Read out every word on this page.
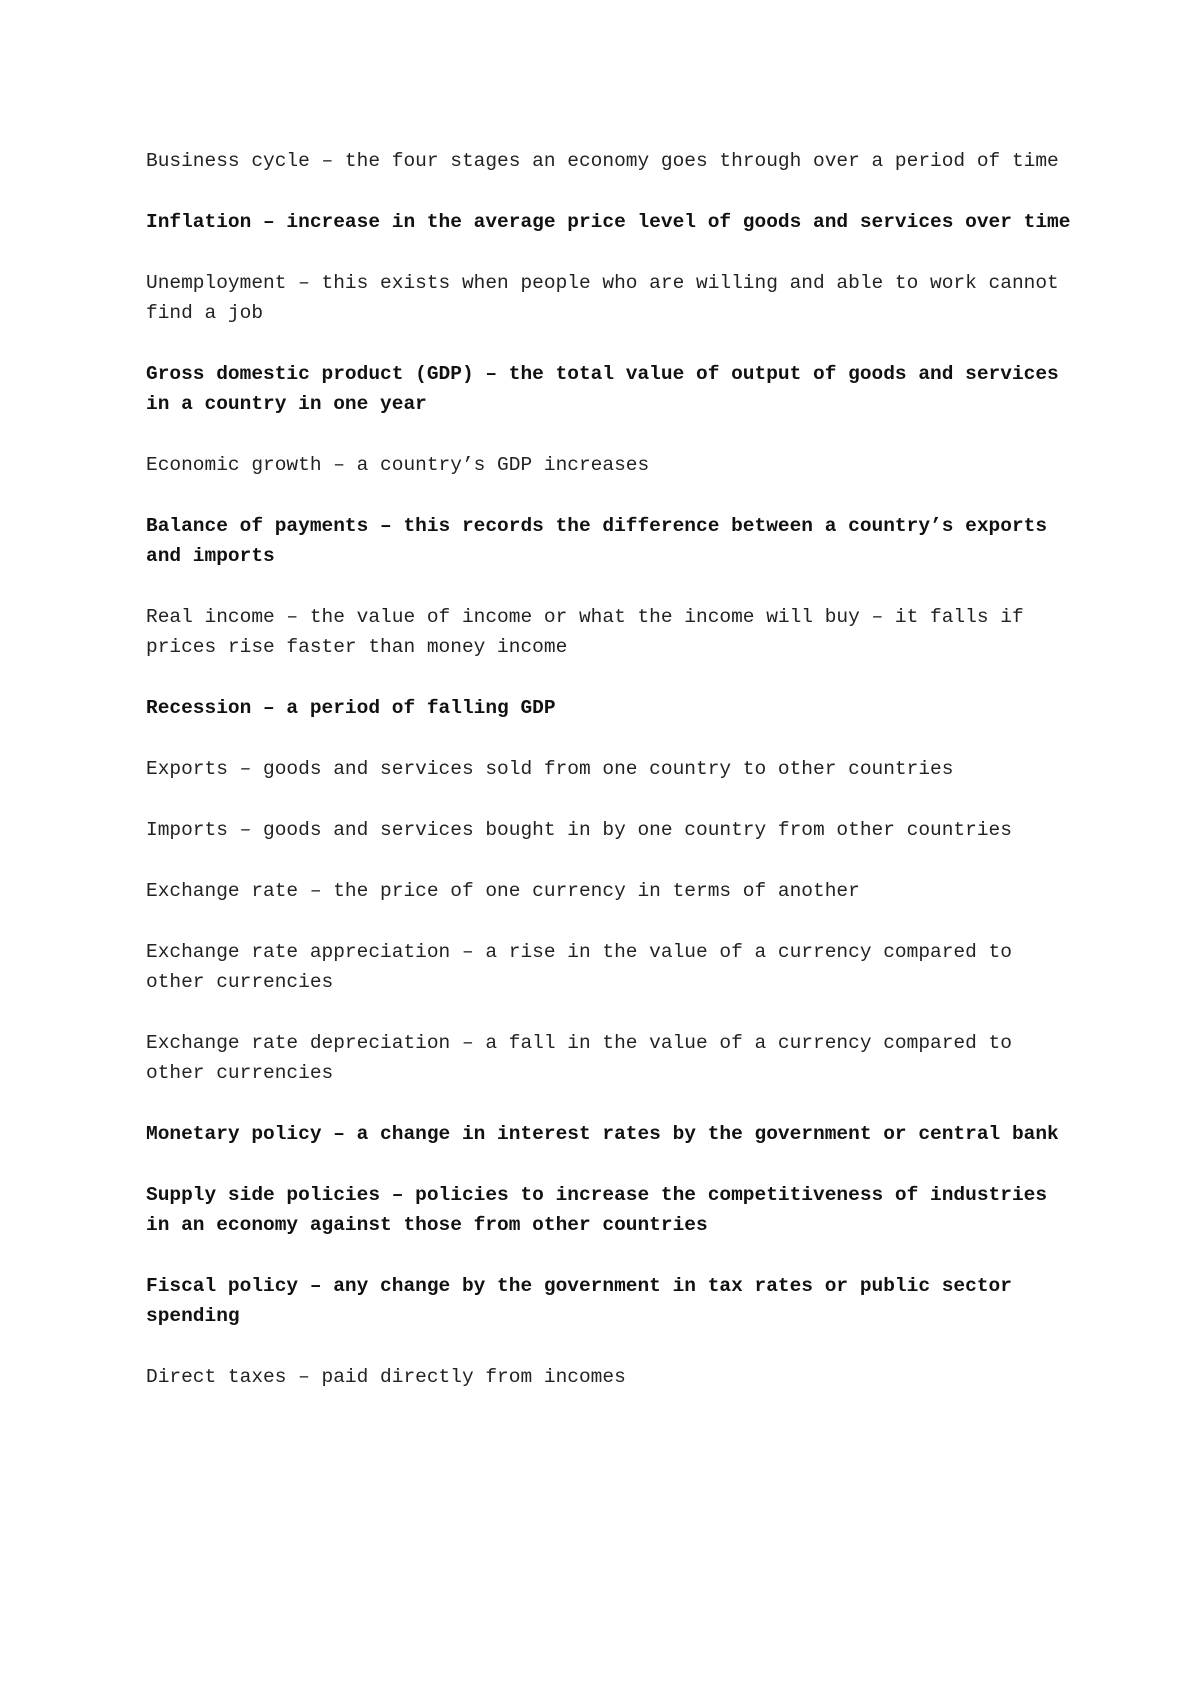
Business cycle – the four stages an economy goes through over a period of time

Inflation – increase in the average price level of goods and services over time

Unemployment – this exists when people who are willing and able to work cannot find a job

Gross domestic product (GDP) – the total value of output of goods and services in a country in one year

Economic growth – a country’s GDP increases

Balance of payments – this records the difference between a country’s exports and imports

Real income – the value of income or what the income will buy – it falls if prices rise faster than money income

Recession – a period of falling GDP

Exports – goods and services sold from one country to other countries

Imports – goods and services bought in by one country from other countries

Exchange rate – the price of one currency in terms of another

Exchange rate appreciation – a rise in the value of a currency compared to other currencies

Exchange rate depreciation – a fall in the value of a currency compared to other currencies

Monetary policy – a change in interest rates by the government or central bank

Supply side policies – policies to increase the competitiveness of industries in an economy against those from other countries

Fiscal policy – any change by the government in tax rates or public sector spending

Direct taxes – paid directly from incomes
